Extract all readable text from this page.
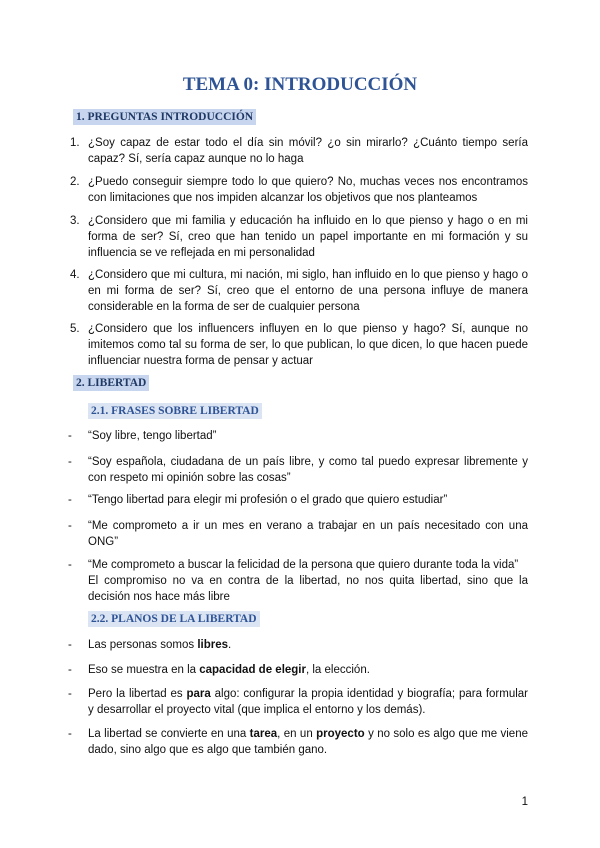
TEMA 0: INTRODUCCIÓN
1. PREGUNTAS INTRODUCCIÓN
1. ¿Soy capaz de estar todo el día sin móvil? ¿o sin mirarlo? ¿Cuánto tiempo sería capaz? Sí, sería capaz aunque no lo haga
2. ¿Puedo conseguir siempre todo lo que quiero? No, muchas veces nos encontramos con limitaciones que nos impiden alcanzar los objetivos que nos planteamos
3. ¿Considero que mi familia y educación ha influido en lo que pienso y hago o en mi forma de ser? Sí, creo que han tenido un papel importante en mi formación y su influencia se ve reflejada en mi personalidad
4. ¿Considero que mi cultura, mi nación, mi siglo, han influido en lo que pienso y hago o en mi forma de ser? Sí, creo que el entorno de una persona influye de manera considerable en la forma de ser de cualquier persona
5. ¿Considero que los influencers influyen en lo que pienso y hago? Sí, aunque no imitemos como tal su forma de ser, lo que publican, lo que dicen, lo que hacen puede influenciar nuestra forma de pensar y actuar
2. LIBERTAD
2.1. FRASES SOBRE LIBERTAD
- “Soy libre, tengo libertad”
- “Soy española, ciudadana de un país libre, y como tal puedo expresar libremente y con respeto mi opinión sobre las cosas”
- “Tengo libertad para elegir mi profesión o el grado que quiero estudiar”
- “Me comprometo a ir un mes en verano a trabajar en un país necesitado con una ONG”
- “Me comprometo a buscar la felicidad de la persona que quiero durante toda la vida”
El compromiso no va en contra de la libertad, no nos quita libertad, sino que la decisión nos hace más libre
2.2. PLANOS DE LA LIBERTAD
- Las personas somos libres.
- Eso se muestra en la capacidad de elegir, la elección.
- Pero la libertad es para algo: configurar la propia identidad y biografía; para formular y desarrollar el proyecto vital (que implica el entorno y los demás).
- La libertad se convierte en una tarea, en un proyecto y no solo es algo que me viene dado, sino algo que es algo que también gano.
1
